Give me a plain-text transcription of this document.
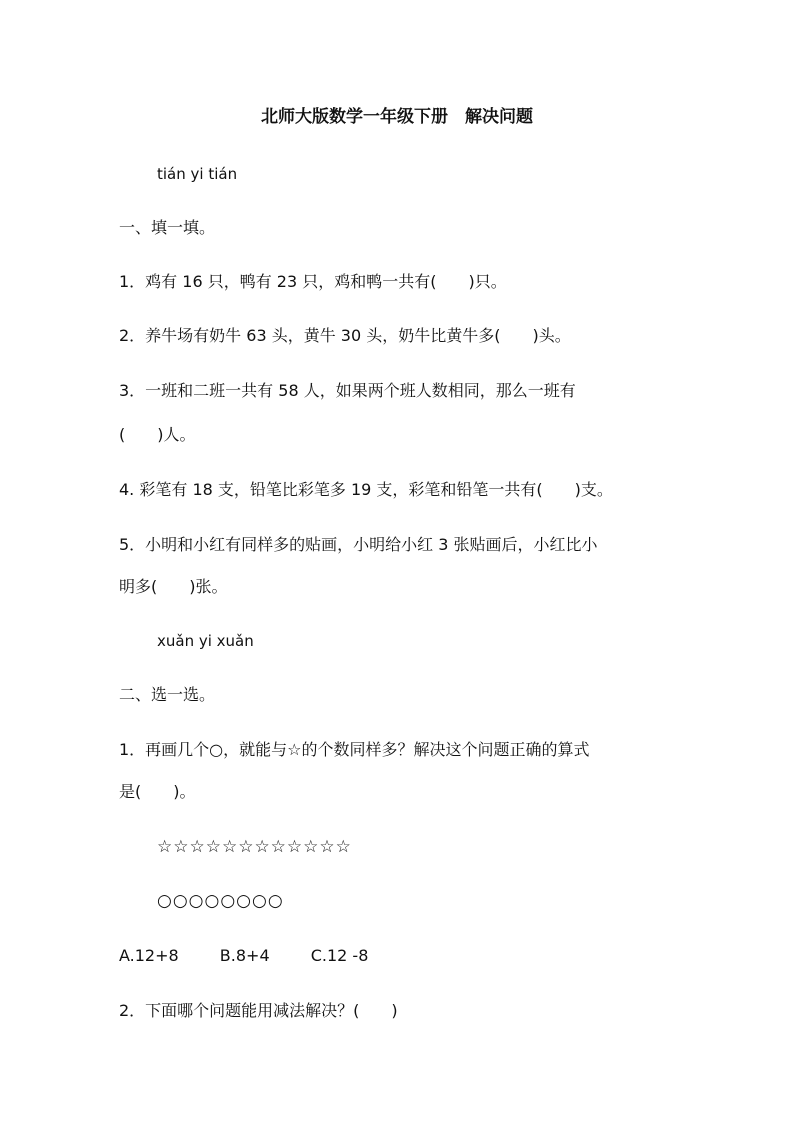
北师大版数学一年级下册　解决问题
tián yi tián
一、填一填。
1．鸡有 16 只，鸭有 23 只，鸡和鸭一共有(　　)只。
2．养牛场有奶牛 63 头，黄牛 30 头，奶牛比黄牛多(　　)头。
3．一班和二班一共有 58 人，如果两个班人数相同，那么一班有
(　　)人。
4. 彩笔有 18 支，铅笔比彩笔多 19 支，彩笔和铅笔一共有(　　)支。
5．小明和小红有同样多的贴画，小明给小红 3 张贴画后，小红比小
明多(　　)张。
xuǎn yi xuǎn
二、选一选。
1．再画几个○，就能与☆的个数同样多？解决这个问题正确的算式
是(　　)。
☆☆☆☆☆☆☆☆☆☆☆☆
○○○○○○○○
A.12+8	B.8+4	C.12 -8
2．下面哪个问题能用减法解决？(　　)
